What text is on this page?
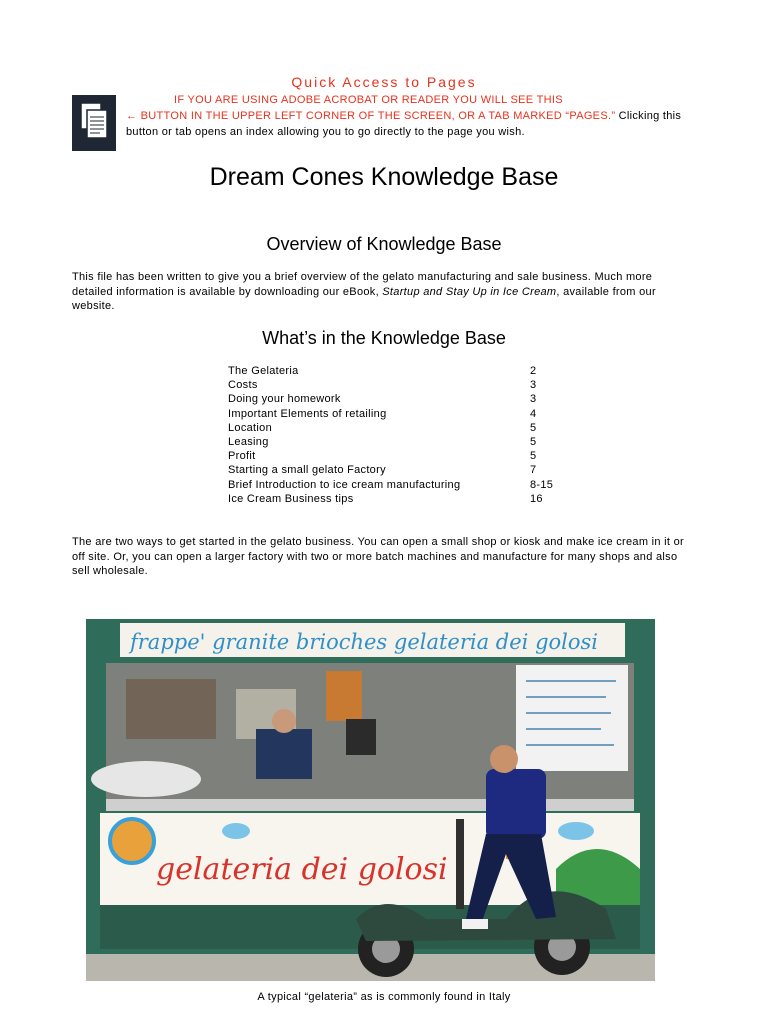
Quick Access to Pages
IF YOU ARE USING ADOBE ACROBAT OR READER YOU WILL SEE THIS
← BUTTON IN THE UPPER LEFT CORNER OF THE SCREEN, OR A TAB MARKED “PAGES.” Clicking this
button or tab opens an index allowing you to go directly to the page you wish.
Dream Cones Knowledge Base
Overview of Knowledge Base
This file has been written to give you a brief overview of the gelato manufacturing and sale business. Much more detailed information is available by downloading our eBook, Startup and Stay Up in Ice Cream, available from our website.
What’s in the Knowledge Base
The Gelateria	2
Costs	3
Doing your homework	3
Important Elements of retailing	4
Location	5
Leasing	5
Profit	5
Starting a small gelato Factory	7
Brief Introduction to ice cream manufacturing	8-15
Ice Cream Business tips	16
The are two ways to get started in the gelato business. You can open a small shop or kiosk and make ice cream in it or off site. Or, you can open a larger factory with two or more batch machines and manufacture for many shops and also sell wholesale.
frappe' granite brioches gelateria dei golosi
gelateria dei golosi
A typical “gelateria” as is commonly found in Italy
